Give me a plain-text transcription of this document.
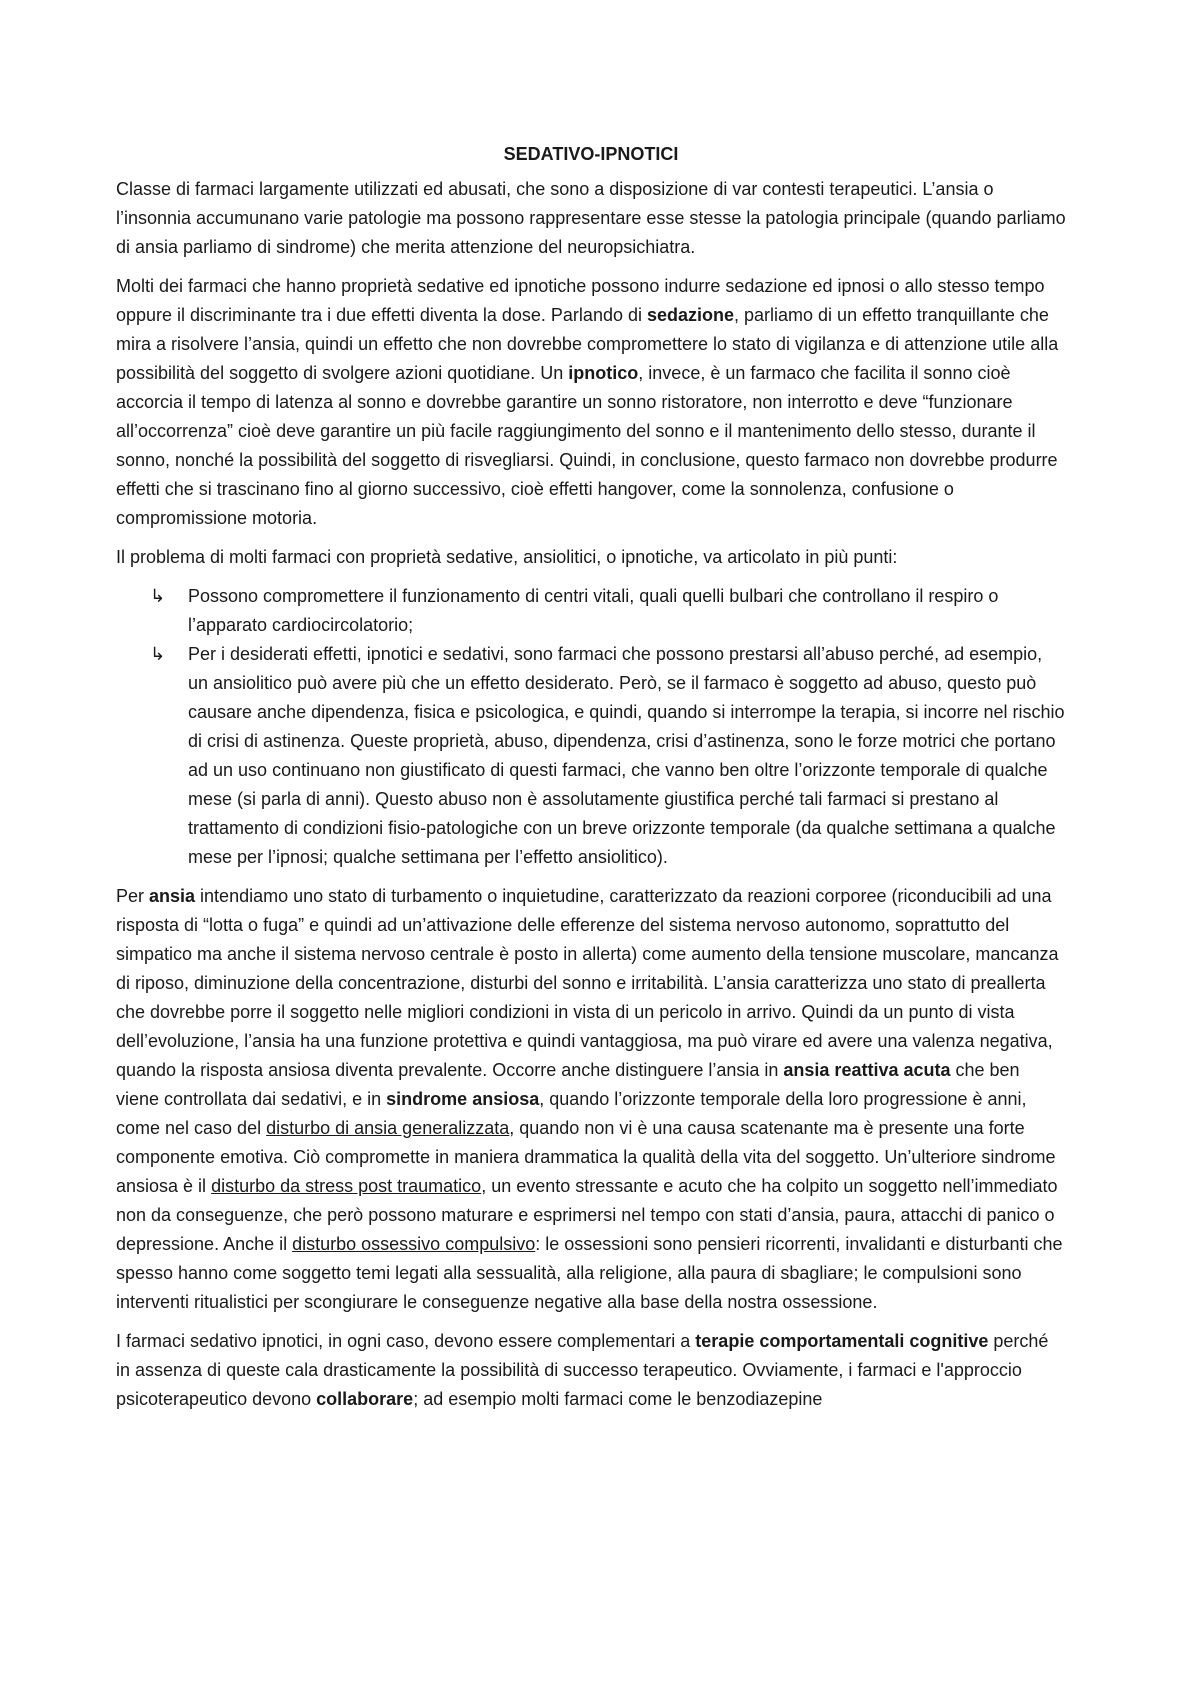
SEDATIVO-IPNOTICI

Classe di farmaci largamente utilizzati ed abusati, che sono a disposizione di var contesti terapeutici. L’ansia o l’insonnia accumunano varie patologie ma possono rappresentare esse stesse la patologia principale (quando parliamo di ansia parliamo di sindrome) che merita attenzione del neuropsichiatra.

Molti dei farmaci che hanno proprietà sedative ed ipnotiche possono indurre sedazione ed ipnosi o allo stesso tempo oppure il discriminante tra i due effetti diventa la dose. Parlando di sedazione, parliamo di un effetto tranquillante che mira a risolvere l’ansia, quindi un effetto che non dovrebbe compromettere lo stato di vigilanza e di attenzione utile alla possibilità del soggetto di svolgere azioni quotidiane. Un ipnotico, invece, è un farmaco che facilita il sonno cioè accorcia il tempo di latenza al sonno e dovrebbe garantire un sonno ristoratore, non interrotto e deve “funzionare all’occorrenza” cioè deve garantire un più facile raggiungimento del sonno e il mantenimento dello stesso, durante il sonno, nonché la possibilità del soggetto di risvegliarsi. Quindi, in conclusione, questo farmaco non dovrebbe produrre effetti che si trascinano fino al giorno successivo, cioè effetti hangover, come la sonnolenza, confusione o compromissione motoria.

Il problema di molti farmaci con proprietà sedative, ansiolitici, o ipnotiche, va articolato in più punti:

↳ Possono compromettere il funzionamento di centri vitali, quali quelli bulbari che controllano il respiro o l’apparato cardiocircolatorio;
↳ Per i desiderati effetti, ipnotici e sedativi, sono farmaci che possono prestarsi all’abuso perché, ad esempio, un ansiolitico può avere più che un effetto desiderato. Però, se il farmaco è soggetto ad abuso, questo può causare anche dipendenza, fisica e psicologica, e quindi, quando si interrompe la terapia, si incorre nel rischio di crisi di astinenza. Queste proprietà, abuso, dipendenza, crisi d’astinenza, sono le forze motrici che portano ad un uso continuano non giustificato di questi farmaci, che vanno ben oltre l’orizzonte temporale di qualche mese (si parla di anni). Questo abuso non è assolutamente giustifica perché tali farmaci si prestano al trattamento di condizioni fisio-patologiche con un breve orizzonte temporale (da qualche settimana a qualche mese per l’ipnosi; qualche settimana per l’effetto ansiolitico).

Per ansia intendiamo uno stato di turbamento o inquietudine, caratterizzato da reazioni corporee (riconducibili ad una risposta di “lotta o fuga” e quindi ad un’attivazione delle efferenze del sistema nervoso autonomo, soprattutto del simpatico ma anche il sistema nervoso centrale è posto in allerta) come aumento della tensione muscolare, mancanza di riposo, diminuzione della concentrazione, disturbi del sonno e irritabilità. L’ansia caratterizza uno stato di preallerta che dovrebbe porre il soggetto nelle migliori condizioni in vista di un pericolo in arrivo. Quindi da un punto di vista dell’evoluzione, l’ansia ha una funzione protettiva e quindi vantaggiosa, ma può virare ed avere una valenza negativa, quando la risposta ansiosa diventa prevalente. Occorre anche distinguere l’ansia in ansia reattiva acuta che ben viene controllata dai sedativi, e in sindrome ansiosa, quando l’orizzonte temporale della loro progressione è anni, come nel caso del disturbo di ansia generalizzata, quando non vi è una causa scatenante ma è presente una forte componente emotiva. Ciò compromette in maniera drammatica la qualità della vita del soggetto. Un’ulteriore sindrome ansiosa è il disturbo da stress post traumatico, un evento stressante e acuto che ha colpito un soggetto nell’immediato non da conseguenze, che però possono maturare e esprimersi nel tempo con stati d’ansia, paura, attacchi di panico o depressione. Anche il disturbo ossessivo compulsivo: le ossessioni sono pensieri ricorrenti, invalidanti e disturbanti che spesso hanno come soggetto temi legati alla sessualità, alla religione, alla paura di sbagliare; le compulsioni sono interventi ritualistici per scongiurare le conseguenze negative alla base della nostra ossessione.

I farmaci sedativo ipnotici, in ogni caso, devono essere complementari a terapie comportamentali cognitive perché in assenza di queste cala drasticamente la possibilità di successo terapeutico. Ovviamente, i farmaci e l'approccio psicoterapeutico devono collaborare; ad esempio molti farmaci come le benzodiazepine
